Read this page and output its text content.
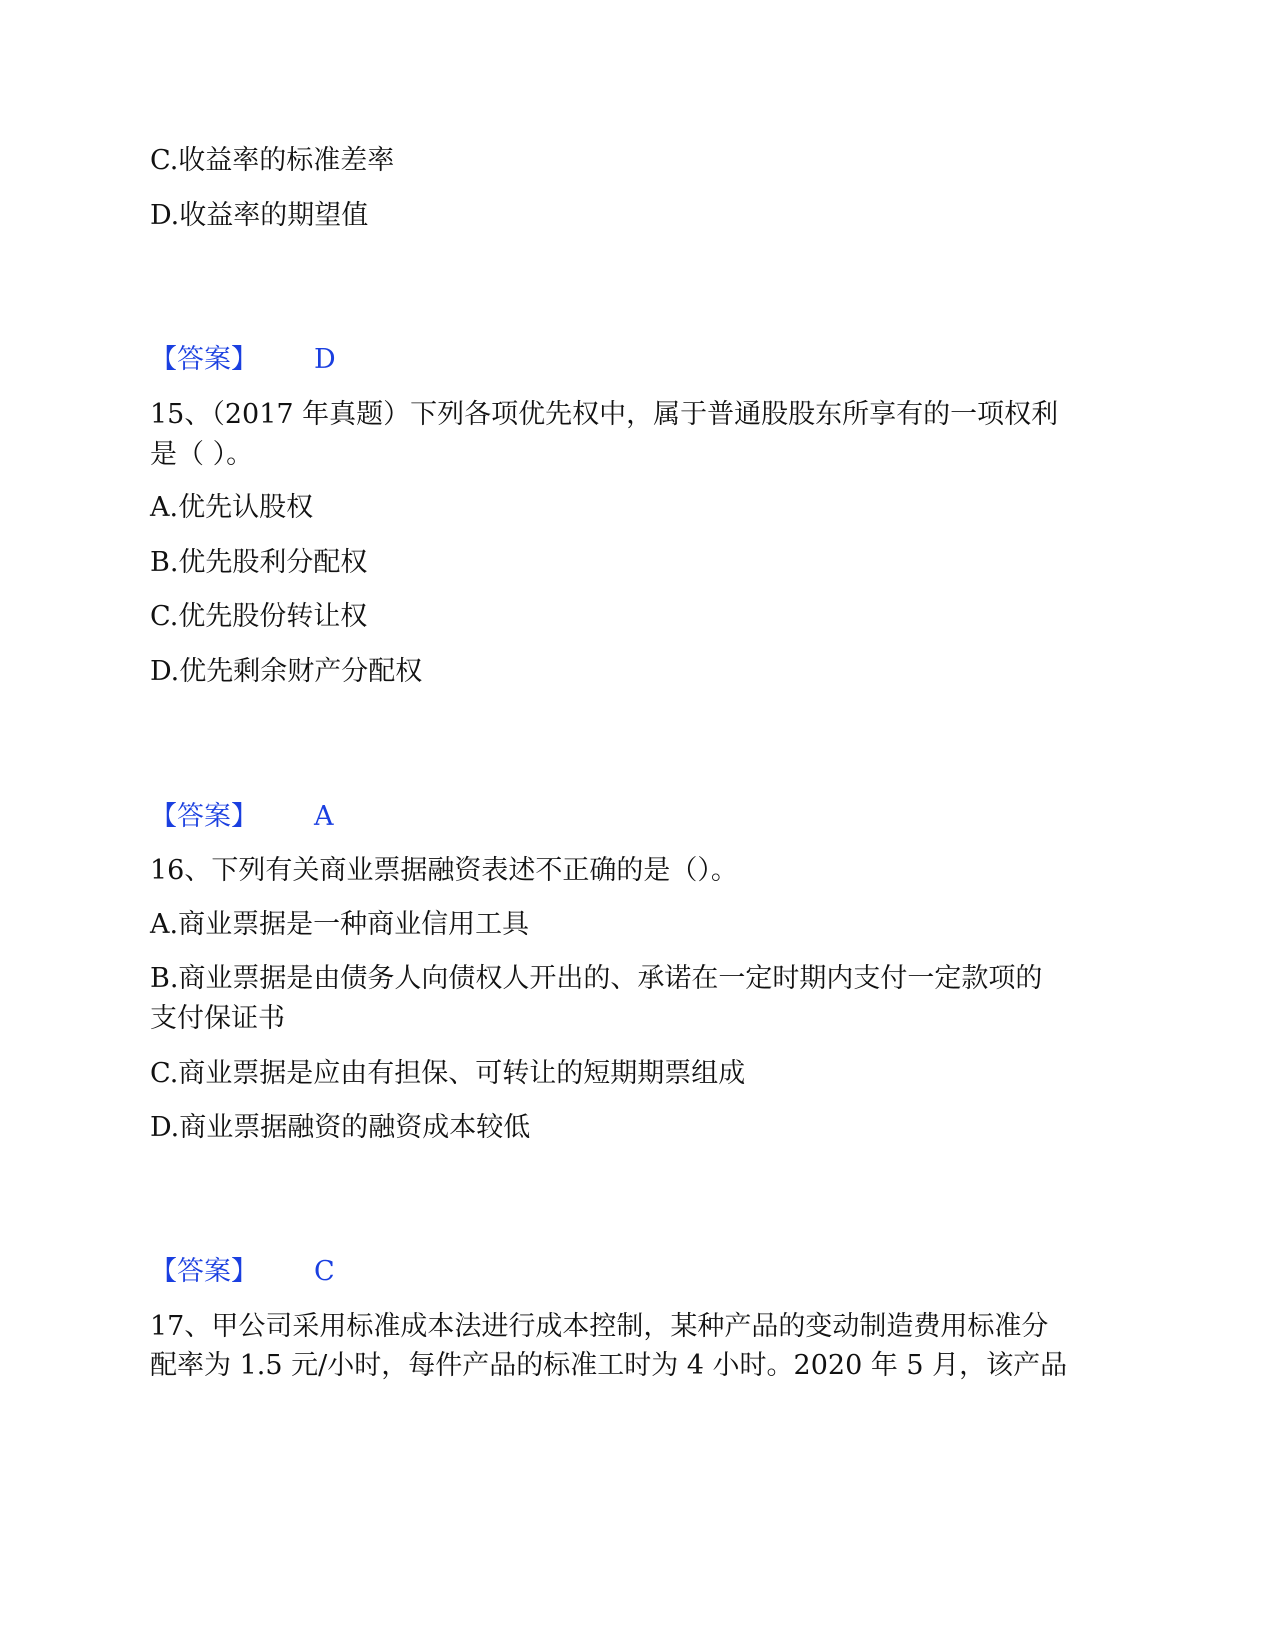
C.收益率的标准差率

D.收益率的期望值

【答案】 D

15、（2017 年真题）下列各项优先权中，属于普通股股东所享有的一项权利

是（ ）。

A.优先认股权

B.优先股利分配权

C.优先股份转让权

D.优先剩余财产分配权

【答案】 A

16、下列有关商业票据融资表述不正确的是（）。

A.商业票据是一种商业信用工具

B.商业票据是由债务人向债权人开出的、承诺在一定时期内支付一定款项的

支付保证书

C.商业票据是应由有担保、可转让的短期期票组成

D.商业票据融资的融资成本较低

【答案】 C

17、甲公司采用标准成本法进行成本控制，某种产品的变动制造费用标准分

配率为 1.5 元/小时，每件产品的标准工时为 4 小时。2020 年 5 月，该产品
